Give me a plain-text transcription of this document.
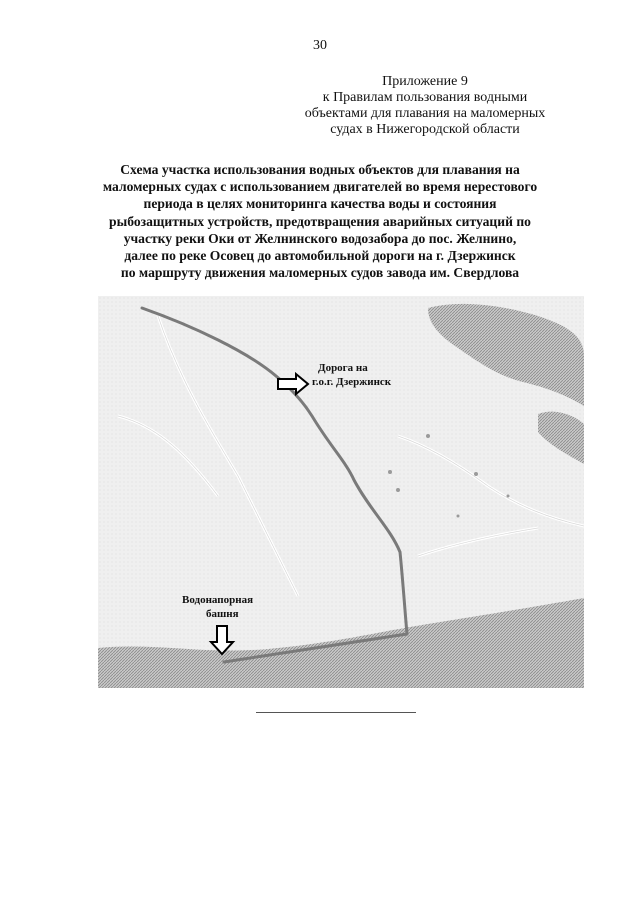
30
Приложение 9
к Правилам пользования водными
объектами для плавания на маломерных
судах в Нижегородской области
Схема участка использования водных объектов для плавания на
маломерных судах с использованием двигателей во время нерестового
периода в целях мониторинга качества воды и состояния
рыбозащитных устройств, предотвращения аварийных ситуаций по
участку реки Оки от Желнинского водозабора до пос. Желнино,
далее по реке Осовец до автомобильной дороги на г. Дзержинск
по маршруту движения маломерных судов завода им. Свердлова
Дорога на
г.о.г. Дзержинск
Водонапорная
башня
